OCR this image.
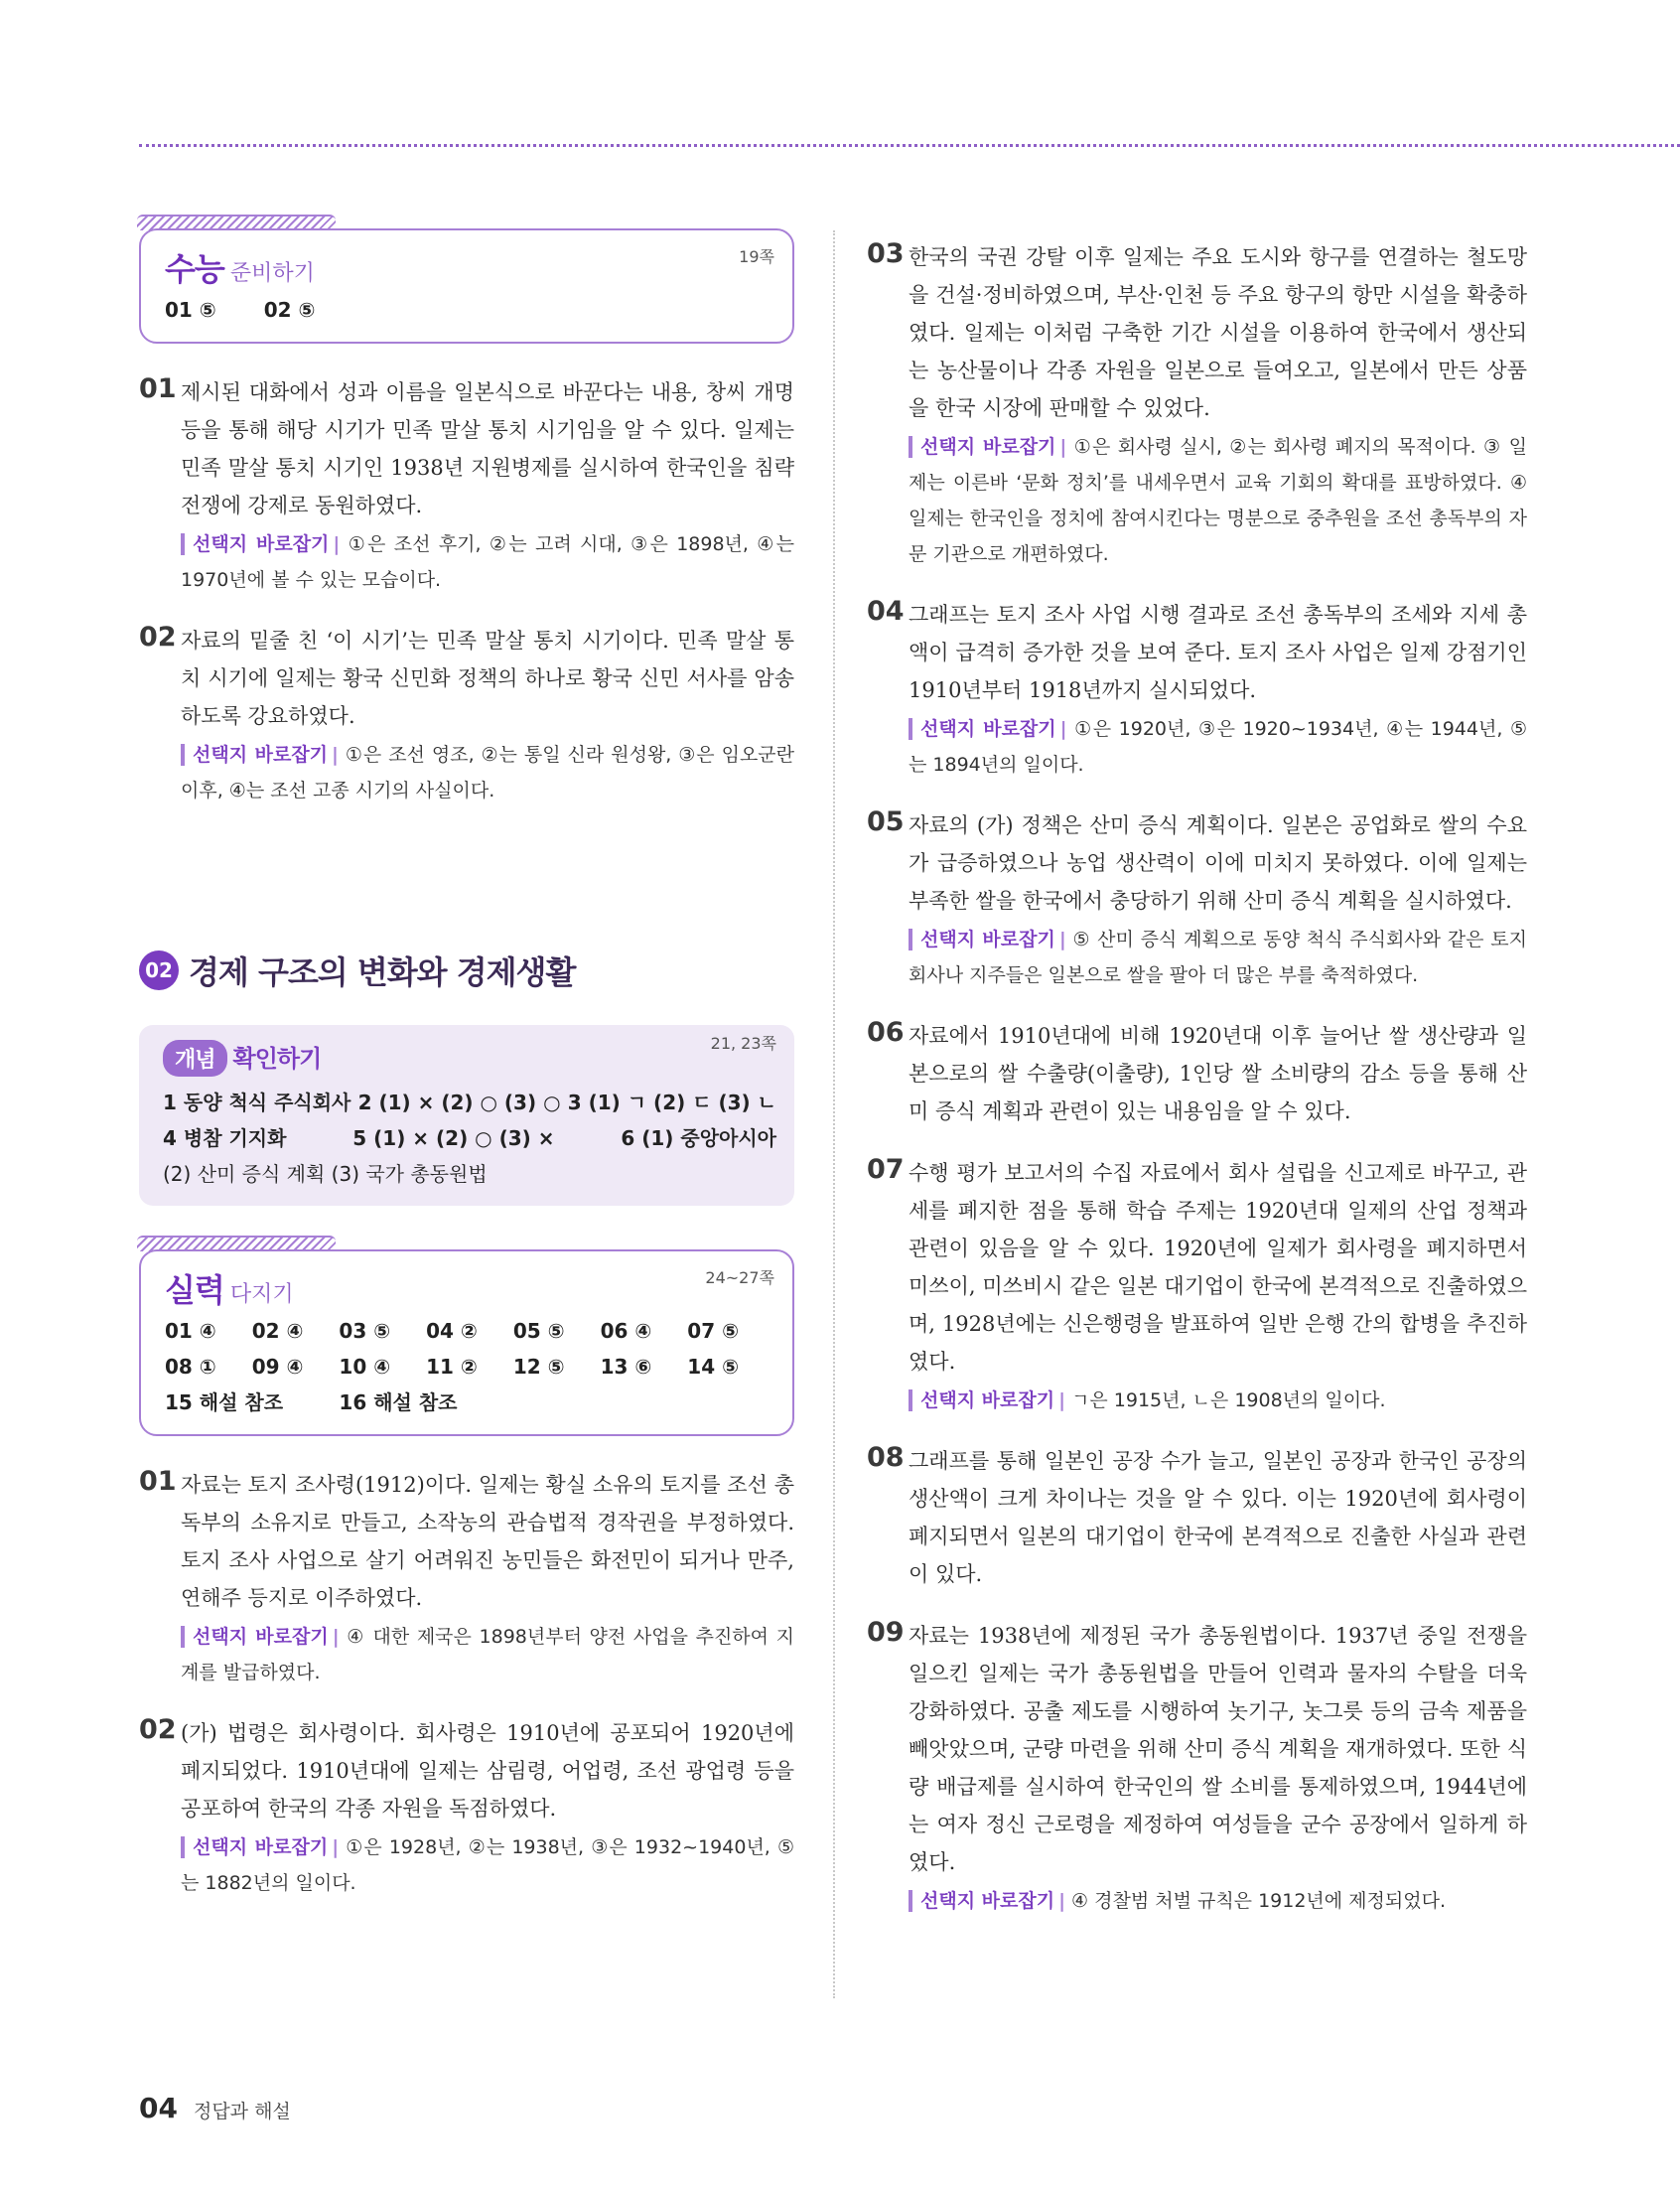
수능 준비하기
19쪽
01 ⑤ 02 ⑤
01 제시된 대화에서 성과 이름을 일본식으로 바꾼다는 내용, 창씨 개명 등을 통해 해당 시기가 민족 말살 통치 시기임을 알 수 있다. 일제는 민족 말살 통치 시기인 1938년 지원병제를 실시하여 한국인을 침략 전쟁에 강제로 동원하였다.
선택지 바로잡기 | ①은 조선 후기, ②는 고려 시대, ③은 1898년, ④는 1970년에 볼 수 있는 모습이다.
02 자료의 밑줄 친 ‘이 시기’는 민족 말살 통치 시기이다. 민족 말살 통치 시기에 일제는 황국 신민화 정책의 하나로 황국 신민 서사를 암송하도록 강요하였다.
선택지 바로잡기 | ①은 조선 영조, ②는 통일 신라 원성왕, ③은 임오군란 이후, ④는 조선 고종 시기의 사실이다.
02 경제 구조의 변화와 경제생활
개념 확인하기
21, 23쪽
1 동양 척식 주식회사 2 (1) × (2) ○ (3) ○ 3 (1) ㄱ (2) ㄷ (3) ㄴ
4 병참 기지화	5 (1) × (2) ○ (3) ×	6 (1) 중앙아시아
(2) 산미 증식 계획 (3) 국가 총동원법
실력 다지기
24~27쪽
01 ④	02 ④	03 ⑤	04 ②	05 ⑤	06 ④	07 ⑤
08 ①	09 ④	10 ④	11 ②	12 ⑤	13 ⑥	14 ⑤
15 해설 참조	16 해설 참조
01 자료는 토지 조사령(1912)이다. 일제는 황실 소유의 토지를 조선 총독부의 소유지로 만들고, 소작농의 관습법적 경작권을 부정하였다. 토지 조사 사업으로 살기 어려워진 농민들은 화전민이 되거나 만주, 연해주 등지로 이주하였다.
선택지 바로잡기 | ④ 대한 제국은 1898년부터 양전 사업을 추진하여 지계를 발급하였다.
02 (가) 법령은 회사령이다. 회사령은 1910년에 공포되어 1920년에 폐지되었다. 1910년대에 일제는 삼림령, 어업령, 조선 광업령 등을 공포하여 한국의 각종 자원을 독점하였다.
선택지 바로잡기 | ①은 1928년, ②는 1938년, ③은 1932~1940년, ⑤는 1882년의 일이다.
03 한국의 국권 강탈 이후 일제는 주요 도시와 항구를 연결하는 철도망을 건설·정비하였으며, 부산·인천 등 주요 항구의 항만 시설을 확충하였다. 일제는 이처럼 구축한 기간 시설을 이용하여 한국에서 생산되는 농산물이나 각종 자원을 일본으로 들여오고, 일본에서 만든 상품을 한국 시장에 판매할 수 있었다.
선택지 바로잡기 | ①은 회사령 실시, ②는 회사령 폐지의 목적이다. ③ 일제는 이른바 ‘문화 정치’를 내세우면서 교육 기회의 확대를 표방하였다. ④ 일제는 한국인을 정치에 참여시킨다는 명분으로 중추원을 조선 총독부의 자문 기관으로 개편하였다.
04 그래프는 토지 조사 사업 시행 결과로 조선 총독부의 조세와 지세 총액이 급격히 증가한 것을 보여 준다. 토지 조사 사업은 일제 강점기인 1910년부터 1918년까지 실시되었다.
선택지 바로잡기 | ①은 1920년, ③은 1920~1934년, ④는 1944년, ⑤는 1894년의 일이다.
05 자료의 (가) 정책은 산미 증식 계획이다. 일본은 공업화로 쌀의 수요가 급증하였으나 농업 생산력이 이에 미치지 못하였다. 이에 일제는 부족한 쌀을 한국에서 충당하기 위해 산미 증식 계획을 실시하였다.
선택지 바로잡기 | ⑤ 산미 증식 계획으로 동양 척식 주식회사와 같은 토지 회사나 지주들은 일본으로 쌀을 팔아 더 많은 부를 축적하였다.
06 자료에서 1910년대에 비해 1920년대 이후 늘어난 쌀 생산량과 일본으로의 쌀 수출량(이출량), 1인당 쌀 소비량의 감소 등을 통해 산미 증식 계획과 관련이 있는 내용임을 알 수 있다.
07 수행 평가 보고서의 수집 자료에서 회사 설립을 신고제로 바꾸고, 관세를 폐지한 점을 통해 학습 주제는 1920년대 일제의 산업 정책과 관련이 있음을 알 수 있다. 1920년에 일제가 회사령을 폐지하면서 미쓰이, 미쓰비시 같은 일본 대기업이 한국에 본격적으로 진출하였으며, 1928년에는 신은행령을 발표하여 일반 은행 간의 합병을 추진하였다.
선택지 바로잡기 | ㄱ은 1915년, ㄴ은 1908년의 일이다.
08 그래프를 통해 일본인 공장 수가 늘고, 일본인 공장과 한국인 공장의 생산액이 크게 차이나는 것을 알 수 있다. 이는 1920년에 회사령이 폐지되면서 일본의 대기업이 한국에 본격적으로 진출한 사실과 관련이 있다.
09 자료는 1938년에 제정된 국가 총동원법이다. 1937년 중일 전쟁을 일으킨 일제는 국가 총동원법을 만들어 인력과 물자의 수탈을 더욱 강화하였다. 공출 제도를 시행하여 놋기구, 놋그릇 등의 금속 제품을 빼앗았으며, 군량 마련을 위해 산미 증식 계획을 재개하였다. 또한 식량 배급제를 실시하여 한국인의 쌀 소비를 통제하였으며, 1944년에는 여자 정신 근로령을 제정하여 여성들을 군수 공장에서 일하게 하였다.
선택지 바로잡기 | ④ 경찰범 처벌 규칙은 1912년에 제정되었다.
04 정답과 해설
